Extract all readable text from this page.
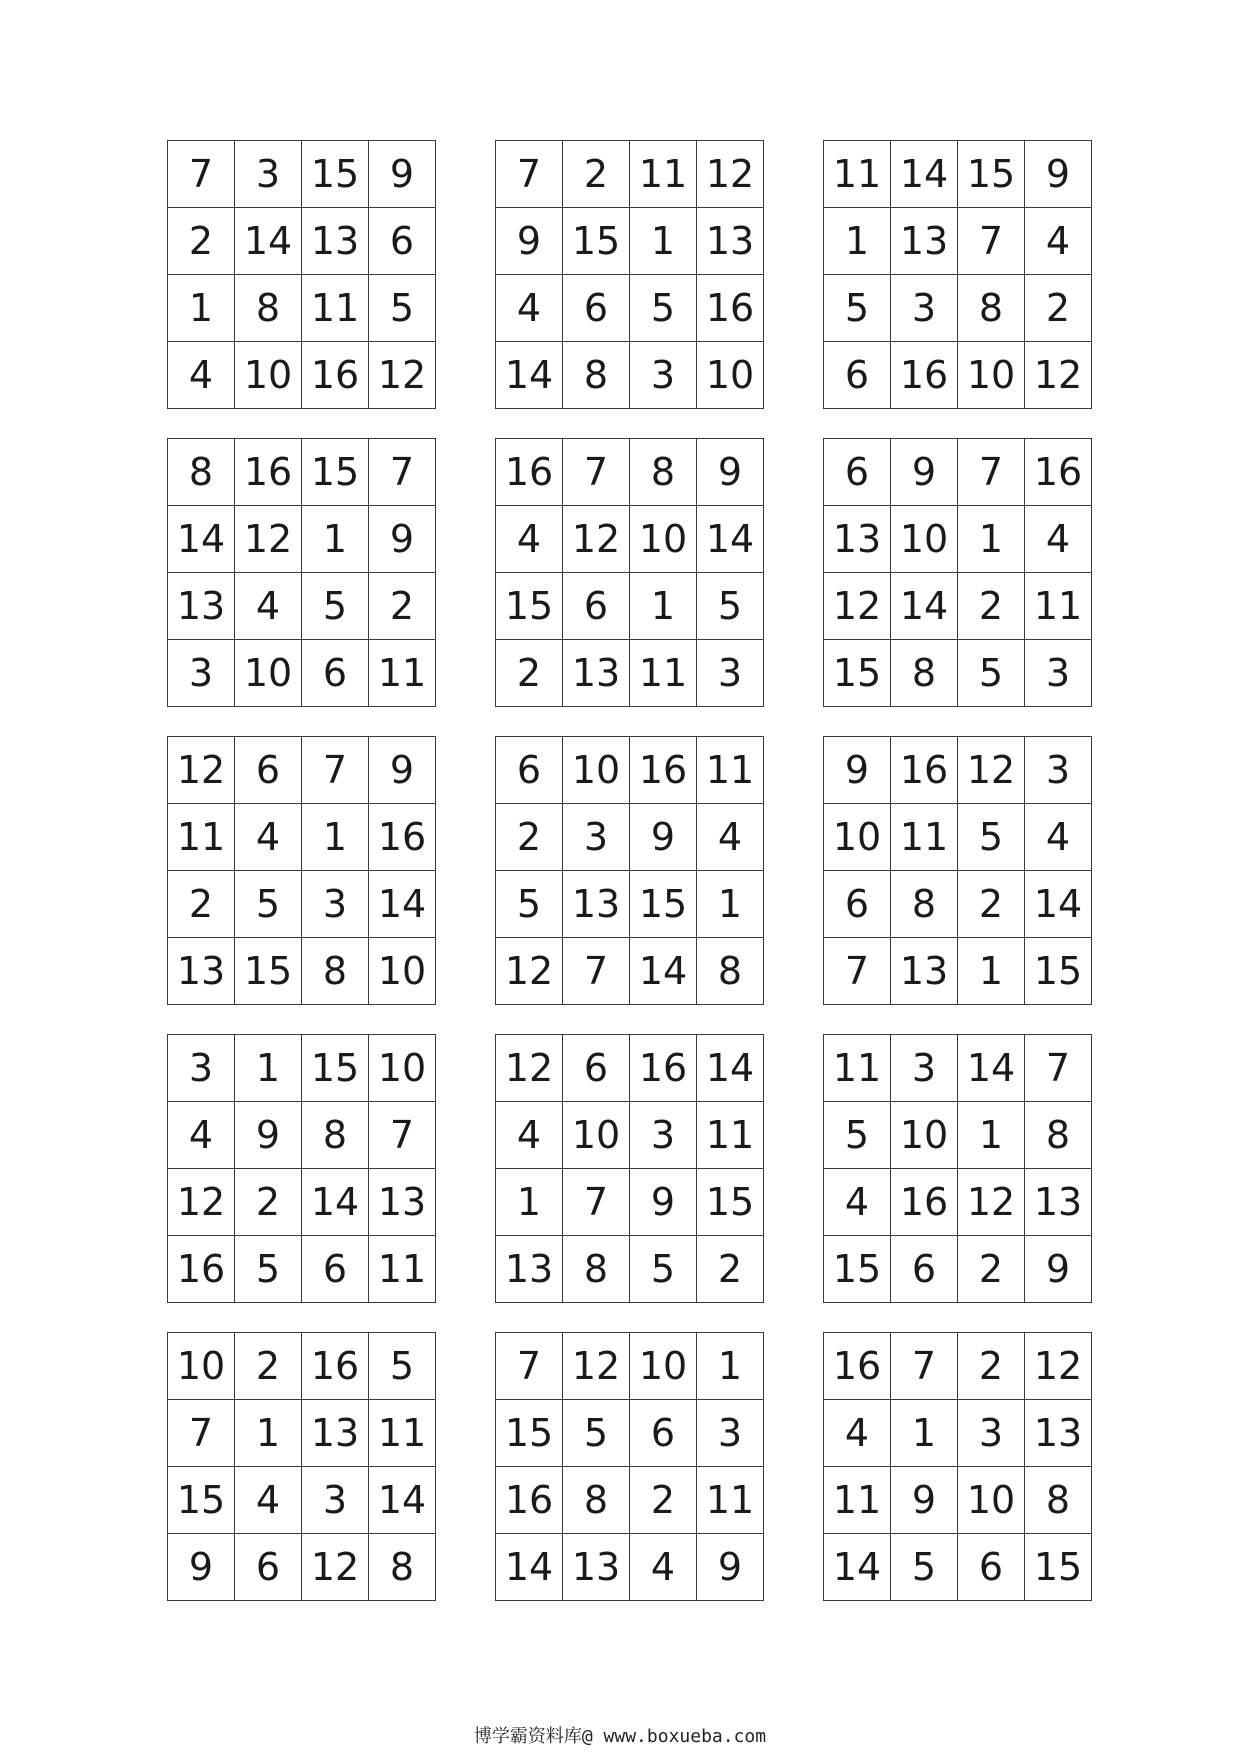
7	3	15	9
2	14	13	6
1	8	11	5
4	10	16	12
7	2	11	12
9	15	1	13
4	6	5	16
14	8	3	10
11	14	15	9
1	13	7	4
5	3	8	2
6	16	10	12
8	16	15	7
14	12	1	9
13	4	5	2
3	10	6	11
16	7	8	9
4	12	10	14
15	6	1	5
2	13	11	3
6	9	7	16
13	10	1	4
12	14	2	11
15	8	5	3
12	6	7	9
11	4	1	16
2	5	3	14
13	15	8	10
6	10	16	11
2	3	9	4
5	13	15	1
12	7	14	8
9	16	12	3
10	11	5	4
6	8	2	14
7	13	1	15
3	1	15	10
4	9	8	7
12	2	14	13
16	5	6	11
12	6	16	14
4	10	3	11
1	7	9	15
13	8	5	2
11	3	14	7
5	10	1	8
4	16	12	13
15	6	2	9
10	2	16	5
7	1	13	11
15	4	3	14
9	6	12	8
7	12	10	1
15	5	6	3
16	8	2	11
14	13	4	9
16	7	2	12
4	1	3	13
11	9	10	8
14	5	6	15
博学霸资料库@ www.boxueba.com
